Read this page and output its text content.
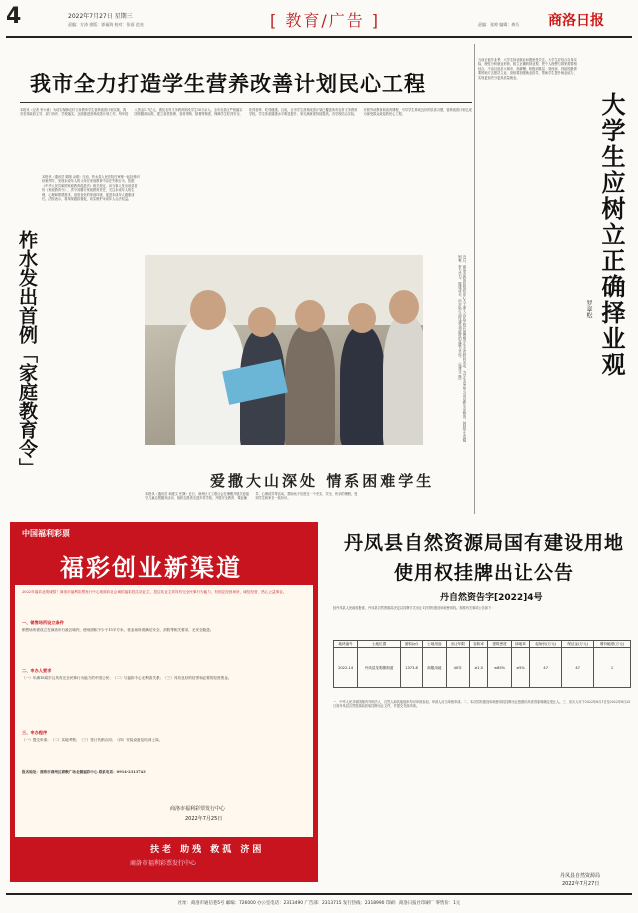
4	2022年7月27日 星期三
责编：方涛 排版：郭福海 校对：张雨 范亮	[ 教育/广告 ]	责编：张婷 编辑：龚巧 商洛日报
我市全力打造学生营养改善计划民心工程
本报讯（记者 李小意）为切实保障农村义务教育学生营养改善计划实施，我市坚持政府主导、部门协作、学校落实，全面推进营养改善计划工作，每年投入资金1.7亿元，惠及农村义务教育阶段学生16万余人。全市各县区严格落实国家膳食标准，建立食堂管理、食材采购、陪餐等制度，保障学生吃得安全、吃得营养、吃得健康。目前，全市学生营养改善计划已覆盖所有农村义务教育学校，学生体质健康水平明显提升，家长满意度持续提高。各学校结合实际，开展劳动教育和食育课程，引导学生养成良好的饮食习惯，营养改善计划已成为深受群众欢迎的民心工程。
柞水发出首例「家庭教育令」
本报讯（通讯员 陈刚 余倩）日前，柞水县人民法院在审理一起抚养纠纷案件时，发现未成年人的父母在家庭教育中存在失职行为，依据《中华人民共和国家庭教育促进法》相关规定，向当事人发出该县首份《家庭教育令》，责令其履行家庭教育责任，关注未成年人的生理、心理和情感需求，创造良好的家庭环境，促进未成年人健康成长。法院表示，将持续跟踪督促，切实维护未成年人合法权益。
近日，商洛市教育局组织爱心人士深入山区学校开展困难学生走访慰问活动，为学生送去学习用品和生活物资，鼓励学生克服困难、努力学习、健康成长，用实际行动传递党和政府的温暖与关怀。（杨建文 摄）
爱撒大山深处 情系困难学生
本报讯（通讯员 和建文 任静）近日，商州区义工联合会在暑期开展关爱留守儿童志愿服务活动，组织志愿者走进乡村学校，开展安全教育、课业辅导、心理疏导等活动，帮助孩子们度过一个充实、安全、快乐的暑假，受到学生和家长一致好评。
大学生应树立正确择业观
罗章松
当前正值毕业季，大学生择业就业问题备受关注。大学生应结合自身实际，理性分析就业形势，树立正确的择业观，把个人理想与国家需要相结合，不盲目追求大城市、高薪酬，积极到基层、到西部、到祖国最需要的地方去建功立业。高校要加强就业指导，帮助学生提升就业能力，实现更加充分更高质量就业。
中国福利彩票
福彩创业新渠道
2022年福彩业绩诚招！商洛市福利彩票发行中心现面向社会诚招福彩投注站业主，投注站业主须具有完全民事行为能力，有固定经营场所，诚信经营，热心公益事业。
一、销售场所设立条件
销售场所需设立在商洛市行政区域内，使用面积不少于15平方米，营业场所须满足安全、消防等相关要求，无安全隐患。
二、申办人要求
（一）年满18周岁且具有完全民事行为能力的中国公民；（二）与福彩中心无利害关系；（三）具有良好的信誉和必要的经营资金。
三、申办程序
（一）提交申请；（二）实地考察；（三）签订代销合同；（四）安装设备及培训上岗。
报名地址：商洛市商州区商鞅广场北侧福彩中心 联系电话：0914-2313743
商洛市福利彩票发行中心
2022年7月25日
扶老 助残 救孤 济困
商洛市福利彩票发行中心
丹凤县自然资源局国有建设用地使用权挂牌出让公告
丹自然资告字[2022]4号
经丹凤县人民政府批准，丹凤县自然资源局决定以挂牌方式出让1宗国有建设用地使用权。现将有关事项公告如下：
地块编号	土地位置	面积(㎡)	土地用途	出让年限	容积率	建筑密度	绿地率	起始价(万元)	保证金(万元)	增价幅度(万元)
2022-14	丹凤县龙驹寨街道	1373.8	商服用地	40年	≥1.0	≤65%	≥5%	47	47	1
一、中华人民共和国境内外的法人、自然人和其他组织均可申请参加，申请人应当单独申请。二、本次国有建设用地使用权挂牌出让按照价高者得原则确定受让人。三、竞买人可于2022年8月1日至2022年8月25日到丹凤县自然资源局获取挂牌出让文件，并提交书面申请。
丹凤县自然资源局
2022年7月27日
社址：商洛市通信巷5号 邮编：726000 办公室电话：2313490 广告部：2313715 发行热线：2318990 印刷：商洛日报社印刷厂 零售价：1元
